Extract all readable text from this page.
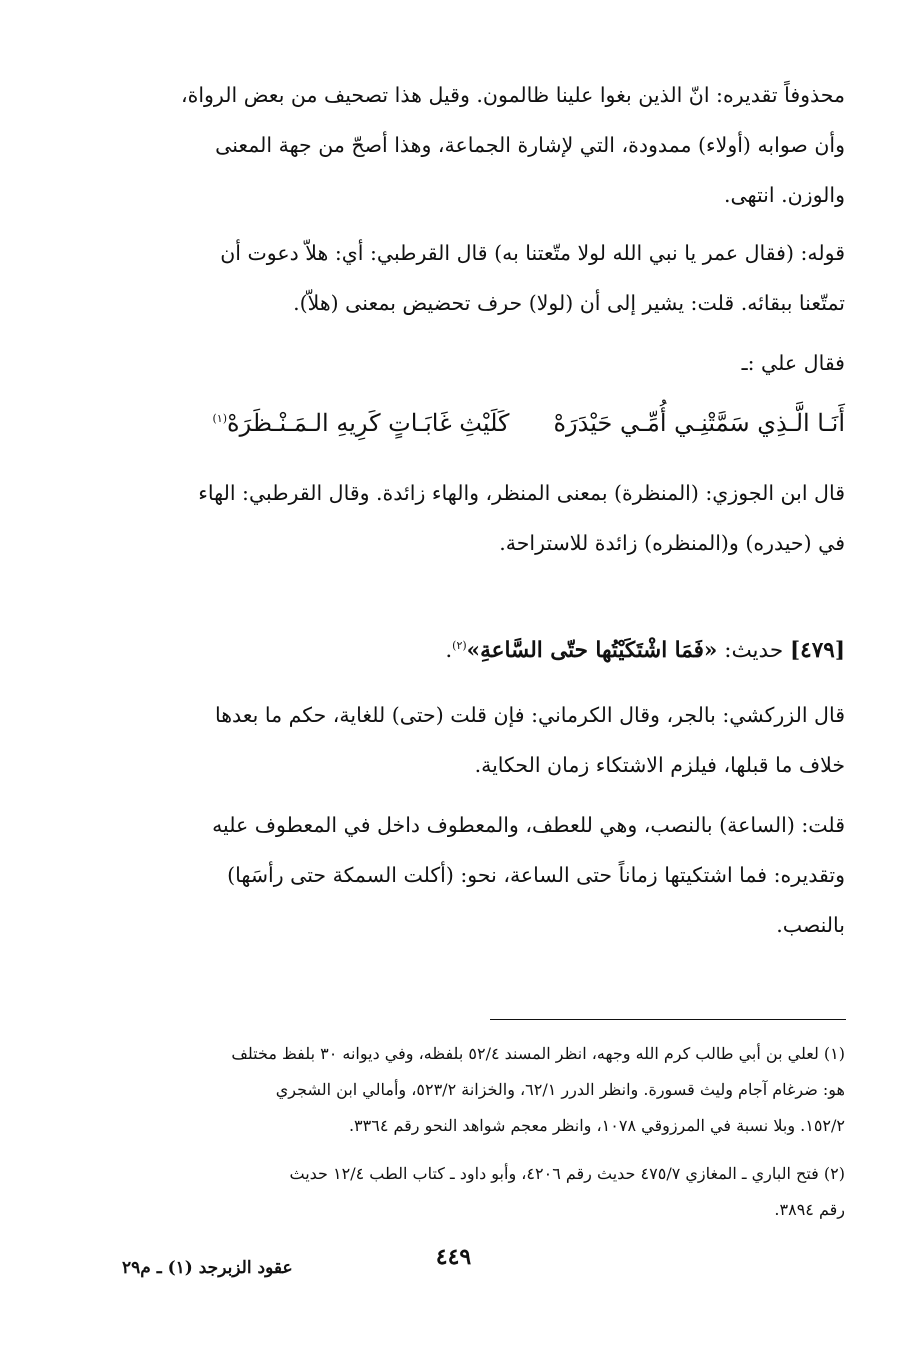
محذوفاً تقديره: انّ الذين بغوا علينا ظالمون. وقيل هذا تصحيف من بعض الرواة،
وأن صوابه (أولاء) ممدودة، التي لإشارة الجماعة، وهذا أصحّ من جهة المعنى
والوزن. انتهى.

قوله: (فقال عمر يا نبي الله لولا متّعتنا به) قال القرطبي: أي: هلاّ دعوت أن
تمتّعنا ببقائه. قلت: يشير إلى أن (لولا) حرف تحضيض بمعنى (هلاّ).

فقال علي :ـ

أَنَـا الَّـذِي سَمَّتْنِـي أُمِّـي حَيْدَرَهْكَلَيْثِ غَابَـاتٍ كَرِيهِ الـمَـنْـظَرَهْ$^{(١)}$

قال ابن الجوزي: (المنظرة) بمعنى المنظر، والهاء زائدة. وقال القرطبي: الهاء
في (حيدره) و(المنظره) زائدة للاستراحة.

[٤٧٩] حديث: «فَمَا اشْتَكَيْتُها حتّى السَّاعةِ»$^{(٢)}$.

قال الزركشي: بالجر، وقال الكرماني: فإن قلت (حتى) للغاية، حكم ما بعدها
خلاف ما قبلها، فيلزم الاشتكاء زمان الحكاية.

قلت: (الساعة) بالنصب، وهي للعطف، والمعطوف داخل في المعطوف عليه
وتقديره: فما اشتكيتها زماناً حتى الساعة، نحو: (أكلت السمكة حتى رأسَها)
بالنصب.

(١) لعلي بن أبي طالب كرم الله وجهه، انظر المسند ٥٢/٤ بلفظه، وفي ديوانه ٣٠ بلفظ مختلف
هو: ضرغام آجام وليث قسورة. وانظر الدرر ٦٢/١، والخزانة ٥٢٣/٢، وأمالي ابن الشجري
١٥٢/٢. وبلا نسبة في المرزوقي ١٠٧٨، وانظر معجم شواهد النحو رقم ٣٣٦٤.

(٢) فتح الباري ـ المغازي ٤٧٥/٧ حديث رقم ٤٢٠٦، وأبو داود ـ كتاب الطب ١٢/٤ حديث
رقم ٣٨٩٤.

٤٤٩
عقود الزبرجد (١) ـ م٢٩
